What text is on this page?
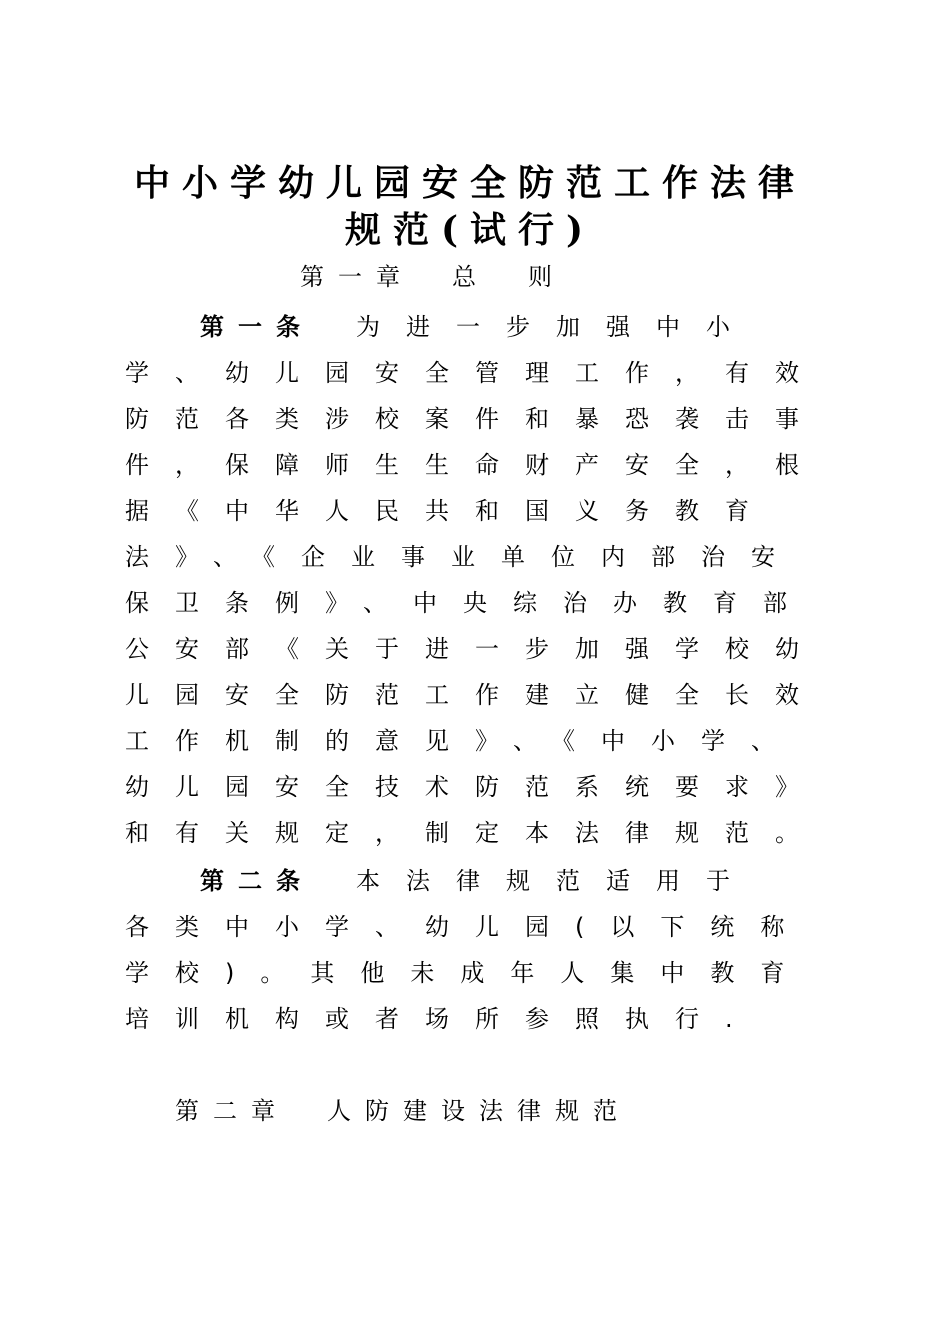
中小学幼儿园安全防范工作法律
规范(试行)
第一章　总　则
第一条 为进一步加强中小
学、幼儿园安全管理工作，有效
防范各类涉校案件和暴恐袭击事
件，保障师生生命财产安全，根
据《中华人民共和国义务教育
法》、《企业事业单位内部治安
保卫条例》、中央综治办教育部
公安部《关于进一步加强学校幼
儿园安全防范工作建立健全长效
工作机制的意见》、《中小学、
幼儿园安全技术防范系统要求》
和有关规定，制定本法律规范。
第二条 本法律规范适用于
各类中小学、幼儿园(以下统称
学校)。其他未成年人集中教育
培训机构或者场所参照执行.
第二章　人防建设法律规范
